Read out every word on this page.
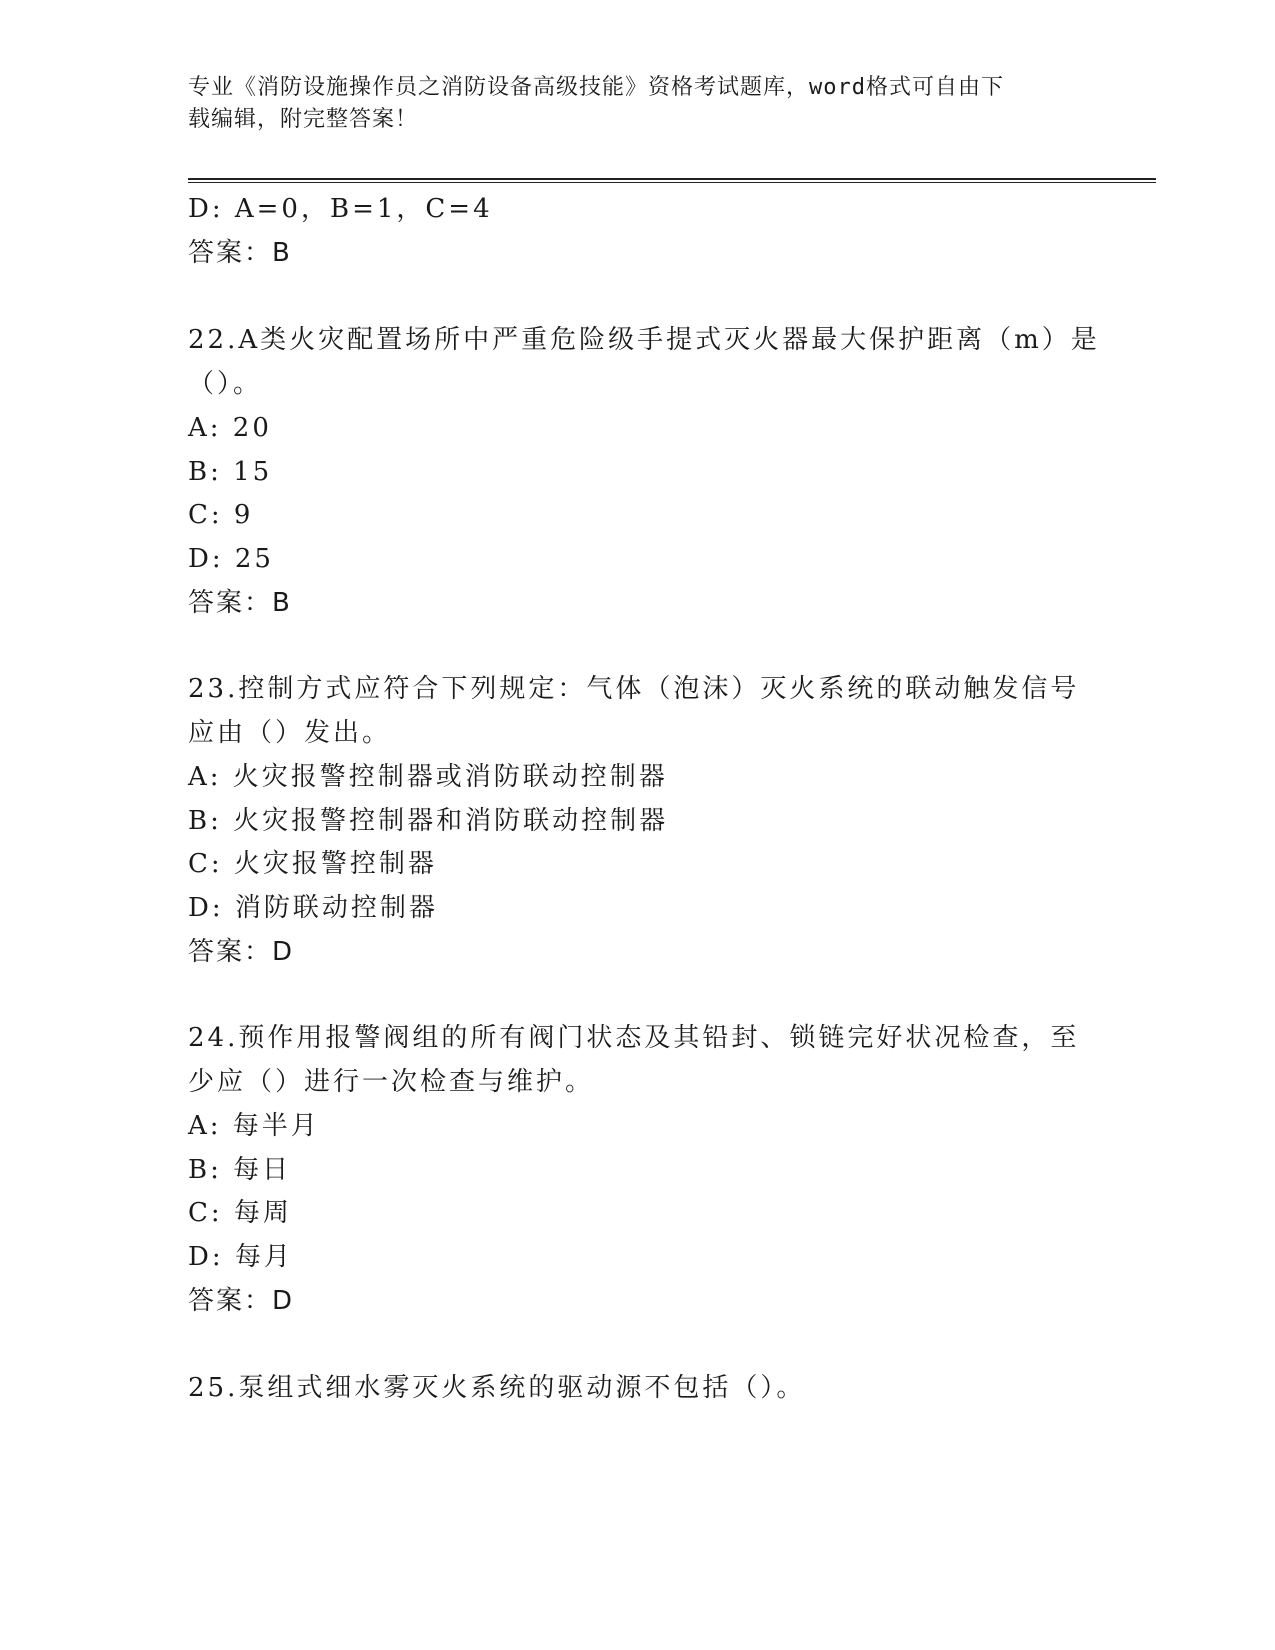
专业《消防设施操作员之消防设备高级技能》资格考试题库，word格式可自由下
载编辑，附完整答案！
D: A=0，B=1，C=4
答案：B
22.A类火灾配置场所中严重危险级手提式灭火器最大保护距离（m）是
（）。
A: 20
B: 15
C: 9
D: 25
答案：B
23.控制方式应符合下列规定：气体（泡沫）灭火系统的联动触发信号
应由（）发出。
A: 火灾报警控制器或消防联动控制器
B: 火灾报警控制器和消防联动控制器
C: 火灾报警控制器
D: 消防联动控制器
答案：D
24.预作用报警阀组的所有阀门状态及其铅封、锁链完好状况检查，至
少应（）进行一次检查与维护。
A: 每半月
B: 每日
C: 每周
D: 每月
答案：D
25.泵组式细水雾灭火系统的驱动源不包括（）。
